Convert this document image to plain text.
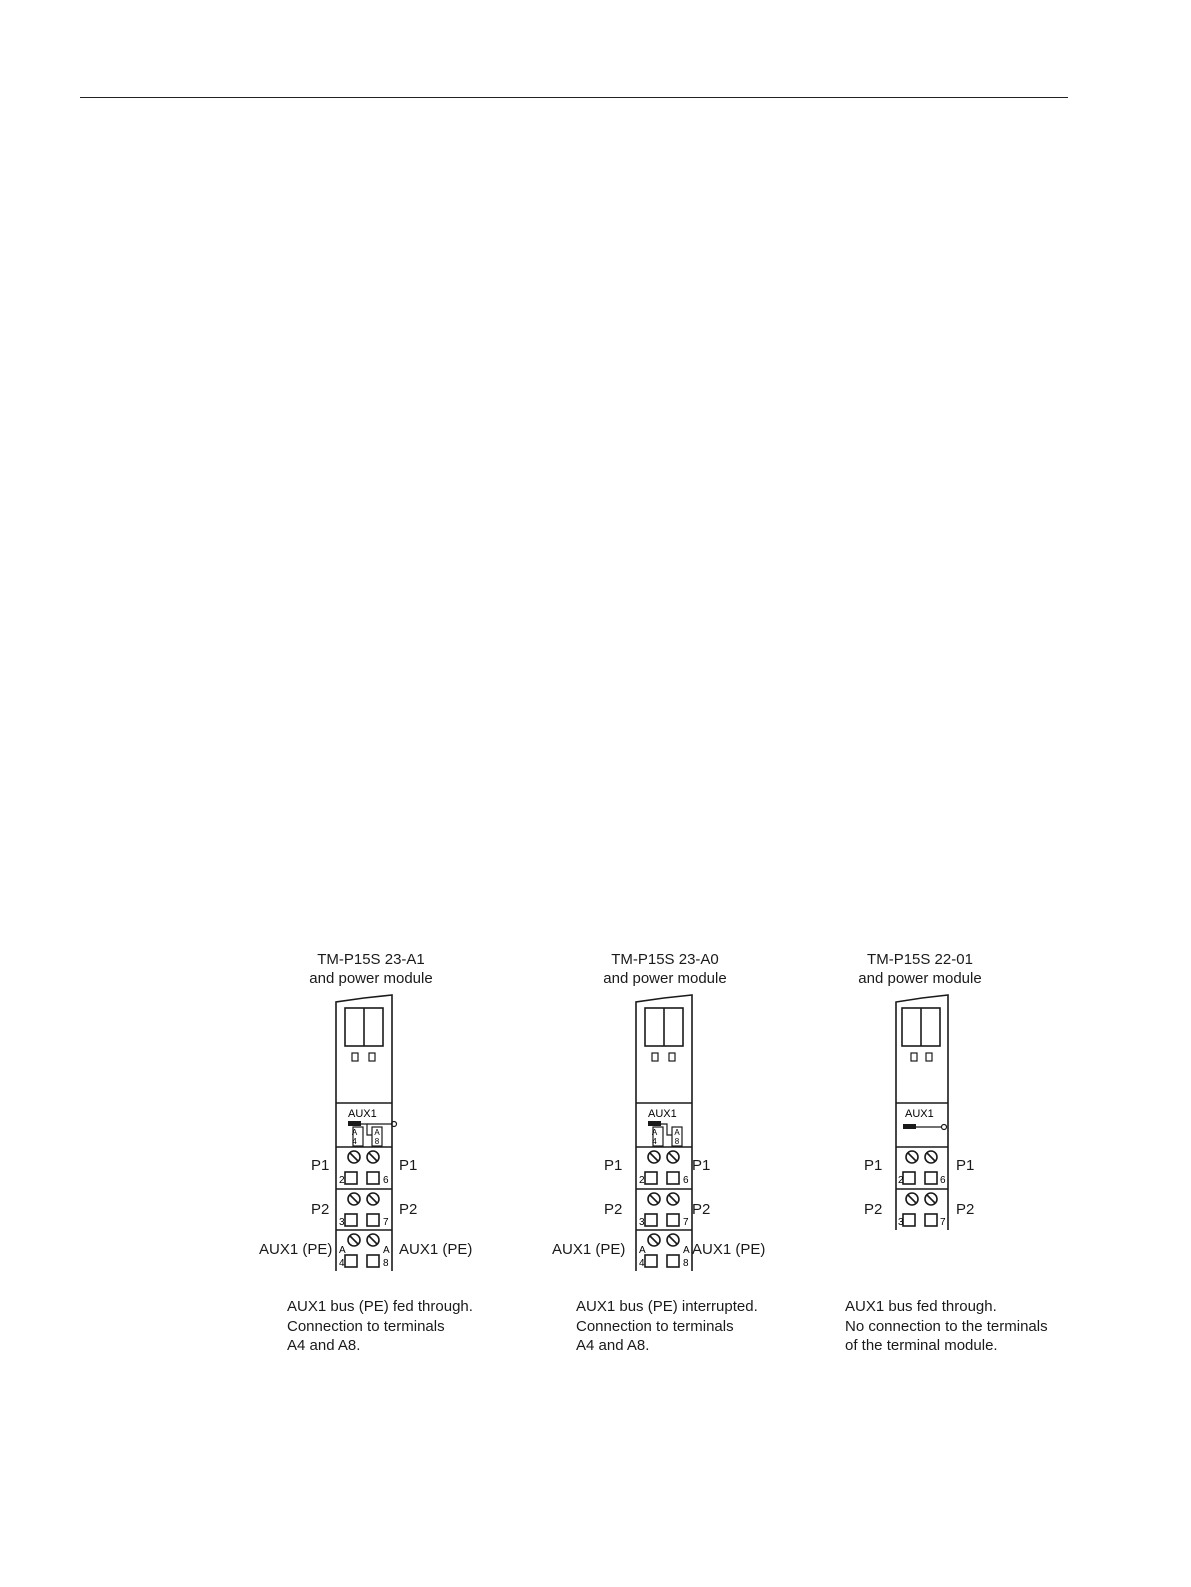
TM-P15S 23-A1
and power module
AUX1
A
4
A
8
2	6
3	7
A	A
4	8
P1	P1
P2	P2
AUX1 (PE)	AUX1 (PE)
AUX1 bus (PE) fed through.
Connection to terminals
A4 and A8.
TM-P15S 23-A0
and power module
AUX1
A
4
A
8
2	6
3	7
A	A
4	8
P1	P1
P2	P2
AUX1 (PE)	AUX1 (PE)
AUX1 bus (PE) interrupted.
Connection to terminals
A4 and A8.
TM-P15S 22-01
and power module
AUX1
2	6
3	7
P1	P1
P2	P2
AUX1 bus fed through.
No connection to the terminals
of the terminal module.
